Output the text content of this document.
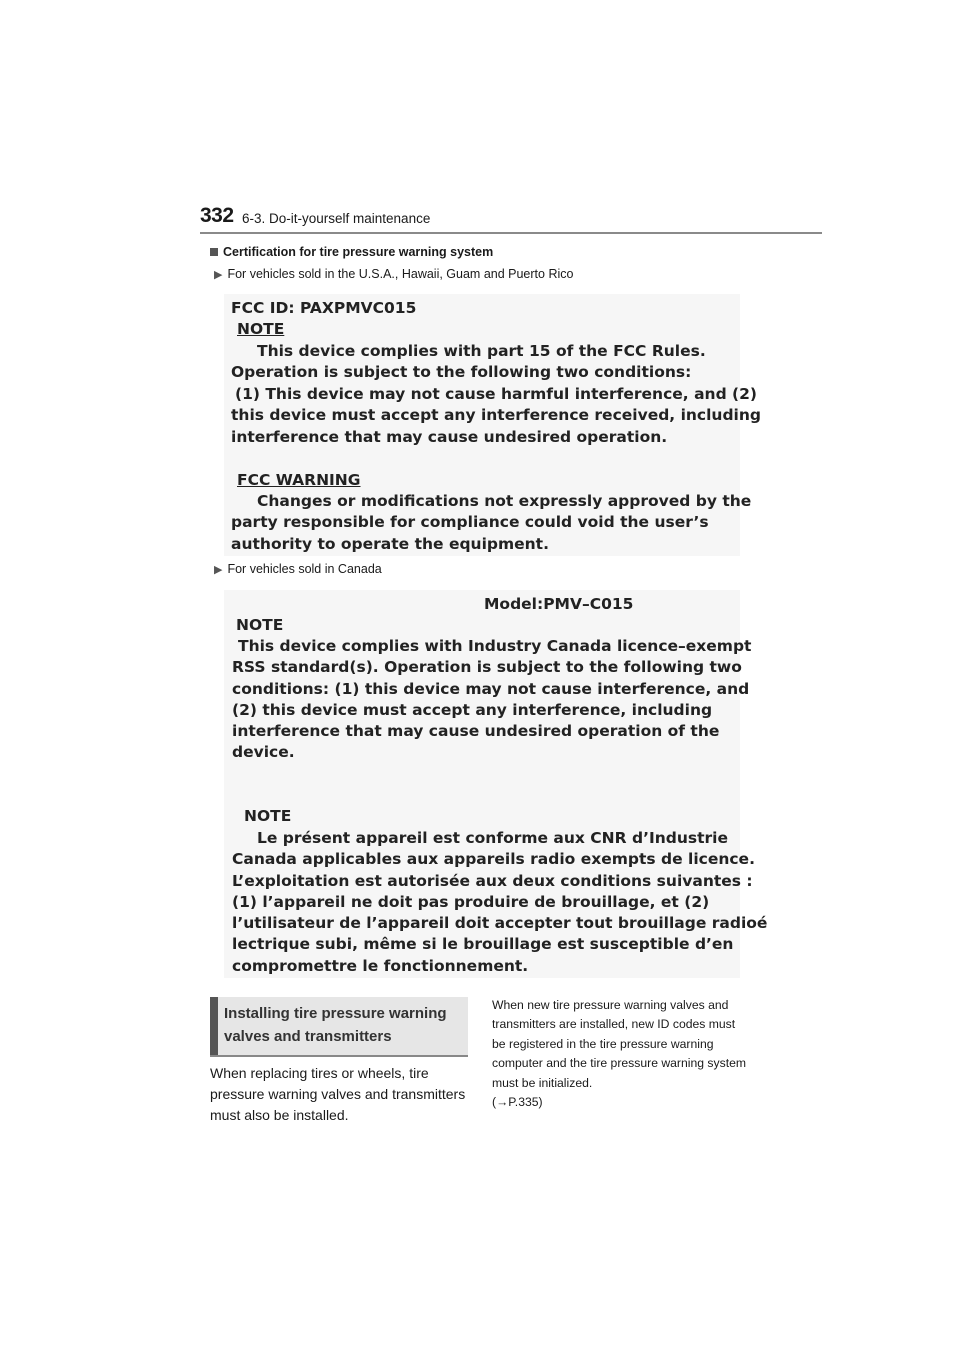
332 6-3. Do-it-yourself maintenance
Certification for tire pressure warning system
▶ For vehicles sold in the U.S.A., Hawaii, Guam and Puerto Rico
FCC ID: PAXPMVC015
NOTE
This device complies with part 15 of the FCC Rules.
Operation is subject to the following two conditions:
(1) This device may not cause harmful interference, and (2)
this device must accept any interference received, including
interference that may cause undesired operation.
FCC WARNING
Changes or modifications not expressly approved by the
party responsible for compliance could void the user’s
authority to operate the equipment.
▶ For vehicles sold in Canada
Model:PMV–C015
NOTE
This device complies with Industry Canada licence–exempt
RSS standard(s). Operation is subject to the following two
conditions: (1) this device may not cause interference, and
(2) this device must accept any interference, including
interference that may cause undesired operation of the
device.
NOTE
Le présent appareil est conforme aux CNR d’Industrie
Canada applicables aux appareils radio exempts de licence.
L’exploitation est autorisée aux deux conditions suivantes :
(1) l’appareil ne doit pas produire de brouillage, et (2)
l’utilisateur de l’appareil doit accepter tout brouillage radioé
lectrique subi, même si le brouillage est susceptible d’en
compromettre le fonctionnement.
Installing tire pressure warning valves and transmitters
When replacing tires or wheels, tire pressure warning valves and transmitters must also be installed.
When new tire pressure warning valves and transmitters are installed, new ID codes must be registered in the tire pressure warning computer and the tire pressure warning system must be initialized.
(→P.335)
